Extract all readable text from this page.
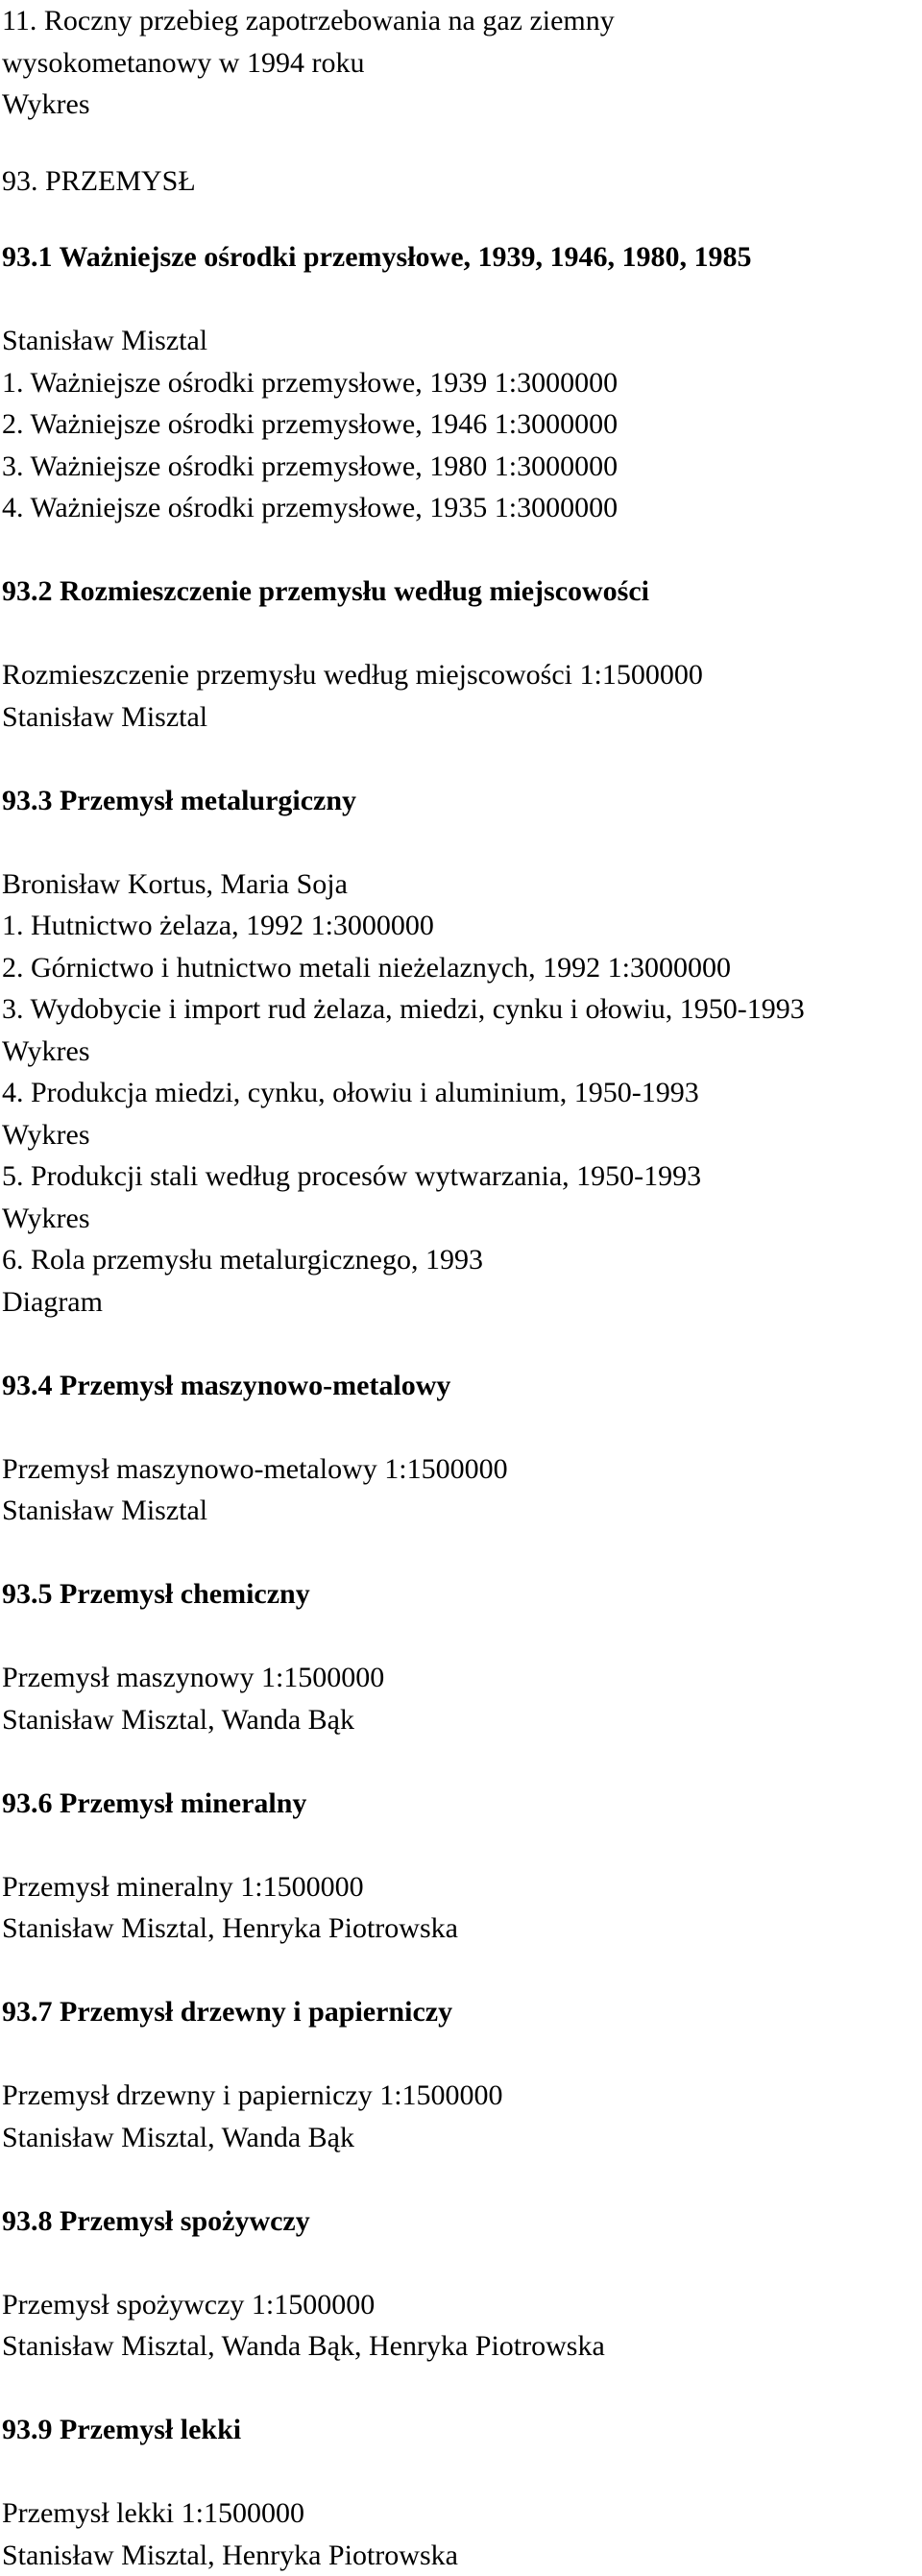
11. Roczny przebieg zapotrzebowania na gaz ziemny
wysokometanowy w 1994 roku
Wykres
93. PRZEMYSŁ
93.1 Ważniejsze ośrodki przemysłowe, 1939, 1946, 1980, 1985
Stanisław Misztal
1. Ważniejsze ośrodki przemysłowe, 1939 1:3000000
2. Ważniejsze ośrodki przemysłowe, 1946 1:3000000
3. Ważniejsze ośrodki przemysłowe, 1980 1:3000000
4. Ważniejsze ośrodki przemysłowe, 1935 1:3000000
93.2 Rozmieszczenie przemysłu według miejscowości
Rozmieszczenie przemysłu według miejscowości 1:1500000
Stanisław Misztal
93.3 Przemysł metalurgiczny
Bronisław Kortus, Maria Soja
1. Hutnictwo żelaza, 1992 1:3000000
2. Górnictwo i hutnictwo metali nieżelaznych, 1992 1:3000000
3. Wydobycie i import rud żelaza, miedzi, cynku i ołowiu, 1950-1993
Wykres
4. Produkcja miedzi, cynku, ołowiu i aluminium, 1950-1993
Wykres
5. Produkcji stali według procesów wytwarzania, 1950-1993
Wykres
6. Rola przemysłu metalurgicznego, 1993
Diagram
93.4 Przemysł maszynowo-metalowy
Przemysł maszynowo-metalowy 1:1500000
Stanisław Misztal
93.5 Przemysł chemiczny
Przemysł maszynowy 1:1500000
Stanisław Misztal, Wanda Bąk
93.6 Przemysł mineralny
Przemysł mineralny 1:1500000
Stanisław Misztal, Henryka Piotrowska
93.7 Przemysł drzewny i papierniczy
Przemysł drzewny i papierniczy 1:1500000
Stanisław Misztal, Wanda Bąk
93.8 Przemysł spożywczy
Przemysł spożywczy 1:1500000
Stanisław Misztal, Wanda Bąk, Henryka Piotrowska
93.9 Przemysł lekki
Przemysł lekki 1:1500000
Stanisław Misztal, Henryka Piotrowska
